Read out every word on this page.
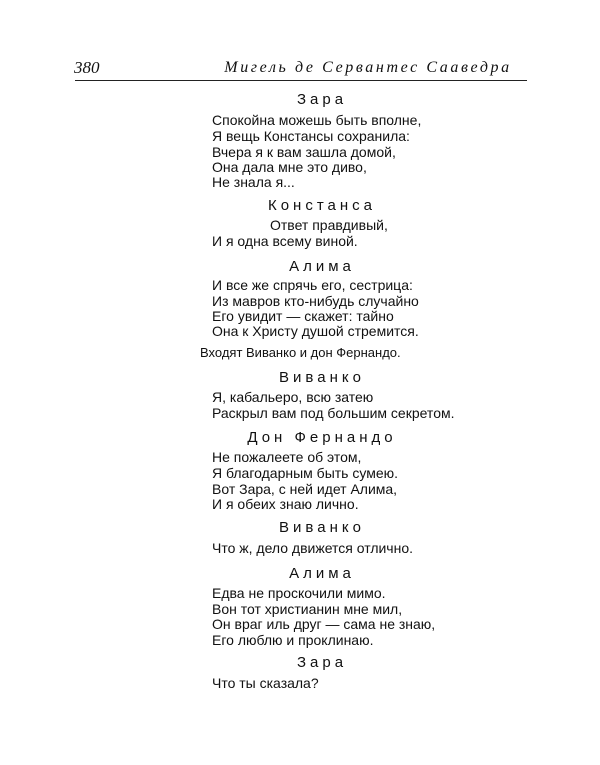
380	Мигель де Сервантес Сааведра
Зара
Спокойна можешь быть вполне,
Я вещь Констансы сохранила:
Вчера я к вам зашла домой,
Она дала мне это диво,
Не знала я...
Констанса
Ответ правдивый,
И я одна всему виной.
Алима
И все же спрячь его, сестрица:
Из мавров кто-нибудь случайно
Его увидит — скажет: тайно
Она к Христу душой стремится.
Входят Виванко и дон Фернандо.
Виванко
Я, кабальеро, всю затею
Раскрыл вам под большим секретом.
Дон Фернандо
Не пожалеете об этом,
Я благодарным быть сумею.
Вот Зара, с ней идет Алима,
И я обеих знаю лично.
Виванко
Что ж, дело движется отлично.
Алима
Едва не проскочили мимо.
Вон тот христианин мне мил,
Он враг иль друг — сама не знаю,
Его люблю и проклинаю.
Зара
Что ты сказала?
